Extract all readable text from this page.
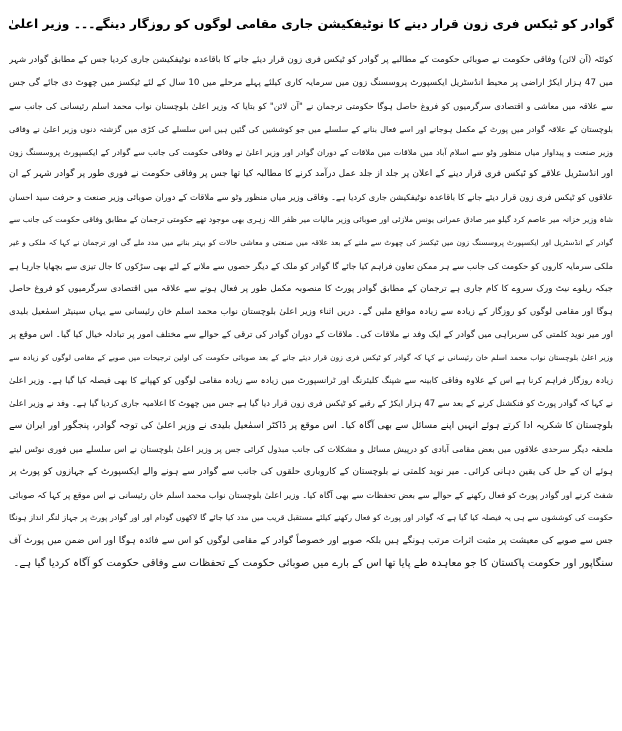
گوادر کو ٹیکس فری زون قرار دینے کا نوٹیفکیشن جاری مقامی لوگوں کو روزگار دینگے۔۔۔ وزیر اعلیٰ
کوئٹہ (آن لائن) وفاقی حکومت نے صوبائی حکومت کے مطالبے پر گوادر کو ٹیکس فری زون قرار دیئے جانے کا باقاعدہ نوٹیفکیشن جاری کردیا جس کے مطابق گوادر شہر
میں 47 ہزار ایکڑ اراضی پر محیط انڈسٹریل ایکسپورٹ پروسسنگ زون میں سرمایہ کاری کیلئے پہلے مرحلے میں 10 سال کے لئے ٹیکسز میں چھوٹ دی جائے گی جس
سے علاقہ میں معاشی و اقتصادی سرگرمیوں کو فروغ حاصل ہوگا حکومتی ترجمان نے "آن لائن" کو بتایا کہ وزیر اعلیٰ بلوچستان نواب محمد اسلم رئیسانی کی جانب سے
بلوچستان کے علاقہ گوادر میں پورٹ کے مکمل ہوجانے اور اسے فعال بنانے کے سلسلے میں جو کوششیں کی گئیں ہیں اس سلسلے کی کڑی میں گزشتہ دنوں وزیر اعلیٰ نے وفاقی
وزیر صنعت و پیداوار میاں منظور وٹو سے اسلام آباد میں ملاقات میں ملاقات کے دوران گوادر اور وزیر اعلیٰ نے وفاقی حکومت کی جانب سے گوادر کے ایکسپورٹ پروسسنگ زون
اور انڈسٹریل علاقے کو ٹیکس فری قرار دینے کے اعلان پر جلد از جلد عمل درآمد کرنے کا مطالبہ کیا تھا جس پر وفاقی حکومت نے فوری طور پر گوادر شہر کے ان
علاقوں کو ٹیکس فری زون قرار دیئے جانے کا باقاعدہ نوٹیفکیشن جاری کردیا ہے۔ وفاقی وزیر میاں منظور وٹو سے ملاقات کے دوران صوبائی وزیر صنعت و حرفت سید احسان
شاہ وزیر خزانہ میر عاصم کرد گیلو میر صادق عمرانی یونس ملازئی اور صوبائی وزیر مالیات میر ظفر اللہ زہری بھی موجود تھے حکومتی ترجمان کے مطابق وفاقی حکومت کی جانب سے
گوادر کے انڈسٹریل اور ایکسپورٹ پروسسنگ زون میں ٹیکسز کی چھوٹ سے ملنے کے بعد علاقہ میں صنعتی و معاشی حالات کو بہتر بنانے میں مدد ملے گی اور ترجمان نے کہا کہ ملکی و غیر
ملکی سرمایہ کاروں کو حکومت کی جانب سے ہر ممکن تعاون فراہم کیا جائے گا گوادر کو ملک کے دیگر حصوں سے ملانے کے لئے بھی سڑکوں کا جال تیزی سے بچھایا جارہا ہے
جبکہ ریلوے نیٹ ورک سروے کا کام جاری ہے ترجمان کے مطابق گوادر پورٹ کا منصوبہ مکمل طور پر فعال ہونے سے علاقہ میں اقتصادی سرگرمیوں کو فروغ حاصل
ہوگا اور مقامی لوگوں کو روزگار کے زیادہ سے زیادہ مواقع ملیں گے۔ دریں اثناء وزیر اعلیٰ بلوچستان نواب محمد اسلم خان رئیسانی سے یہاں سینیٹر اسمٰعیل بلیدی
اور میر نوید کلمتی کی سربراہی میں گوادر کے ایک وفد نے ملاقات کی۔ ملاقات کے دوران گوادر کی ترقی کے حوالے سے مختلف امور پر تبادلہ خیال کیا گیا۔ اس موقع پر
وزیر اعلیٰ بلوچستان نواب محمد اسلم خان رئیسانی نے کہا کہ گوادر کو ٹیکس فری زون قرار دیئے جانے کے بعد صوبائی حکومت کی اولین ترجیحات میں صوبے کے مقامی لوگوں کو زیادہ سے
زیادہ روزگار فراہم کرنا ہے اس کے علاوہ وفاقی کابینہ سے شپنگ کلیئرنگ اور ٹرانسپورٹ میں زیادہ سے زیادہ مقامی لوگوں کو کھپانے کا بھی فیصلہ کیا گیا ہے۔ وزیر اعلیٰ
نے کہا کہ گوادر پورٹ کو فنکشنل کرنے کے بعد سے 47 ہزار ایکڑ کے رقبے کو ٹیکس فری زون قرار دیا گیا ہے جس میں چھوٹ کا اعلامیہ جاری کردیا گیا ہے۔ وفد نے وزیر اعلیٰ
بلوچستان کا شکریہ ادا کرتے ہوئے انہیں اپنے مسائل سے بھی آگاہ کیا۔ اس موقع پر ڈاکٹر اسمٰعیل بلیدی نے وزیر اعلیٰ کی توجہ گوادر، پنجگور اور ایران سے
ملحقہ دیگر سرحدی علاقوں میں بعض مقامی آبادی کو درپیش مسائل و مشکلات کی جانب مبذول کرائی جس پر وزیر اعلیٰ بلوچستان نے اس سلسلے میں فوری نوٹس لیتے
ہوئے ان کے حل کی یقین دہانی کرائی۔ میر نوید کلمتی نے بلوچستان کے کاروباری حلقوں کی جانب سے گوادر سے ہونے والے ایکسپورٹ کے جہازوں کو پورٹ پر
شفٹ کرنے اور گوادر پورٹ کو فعال رکھنے کے حوالے سے بعض تحفظات سے بھی آگاہ کیا۔ وزیر اعلیٰ بلوچستان نواب محمد اسلم خان رئیسانی نے اس موقع پر کہا کہ صوبائی
حکومت کی کوششوں سے ہی یہ فیصلہ کیا گیا ہے کہ گوادر اور پورٹ کو فعال رکھنے کیلئے مستقبل قریب میں مدد کیا جائے گا لاکھوں گودام اور اور گوادر پورٹ پر جہاز لنگر انداز ہونگا
جس سے صوبے کی معیشت پر مثبت اثرات مرتب ہونگے ہیں بلکہ صوبے اور خصوصاً گوادر کے مقامی لوگوں کو اس سے فائدہ ہوگا اور اس ضمن میں پورٹ آف
سنگاپور اور حکومت پاکستان کا جو معاہدہ طے پایا تھا اس کے بارے میں صوبائی حکومت کے تحفظات سے وفاقی حکومت کو آگاہ کردیا گیا ہے۔
